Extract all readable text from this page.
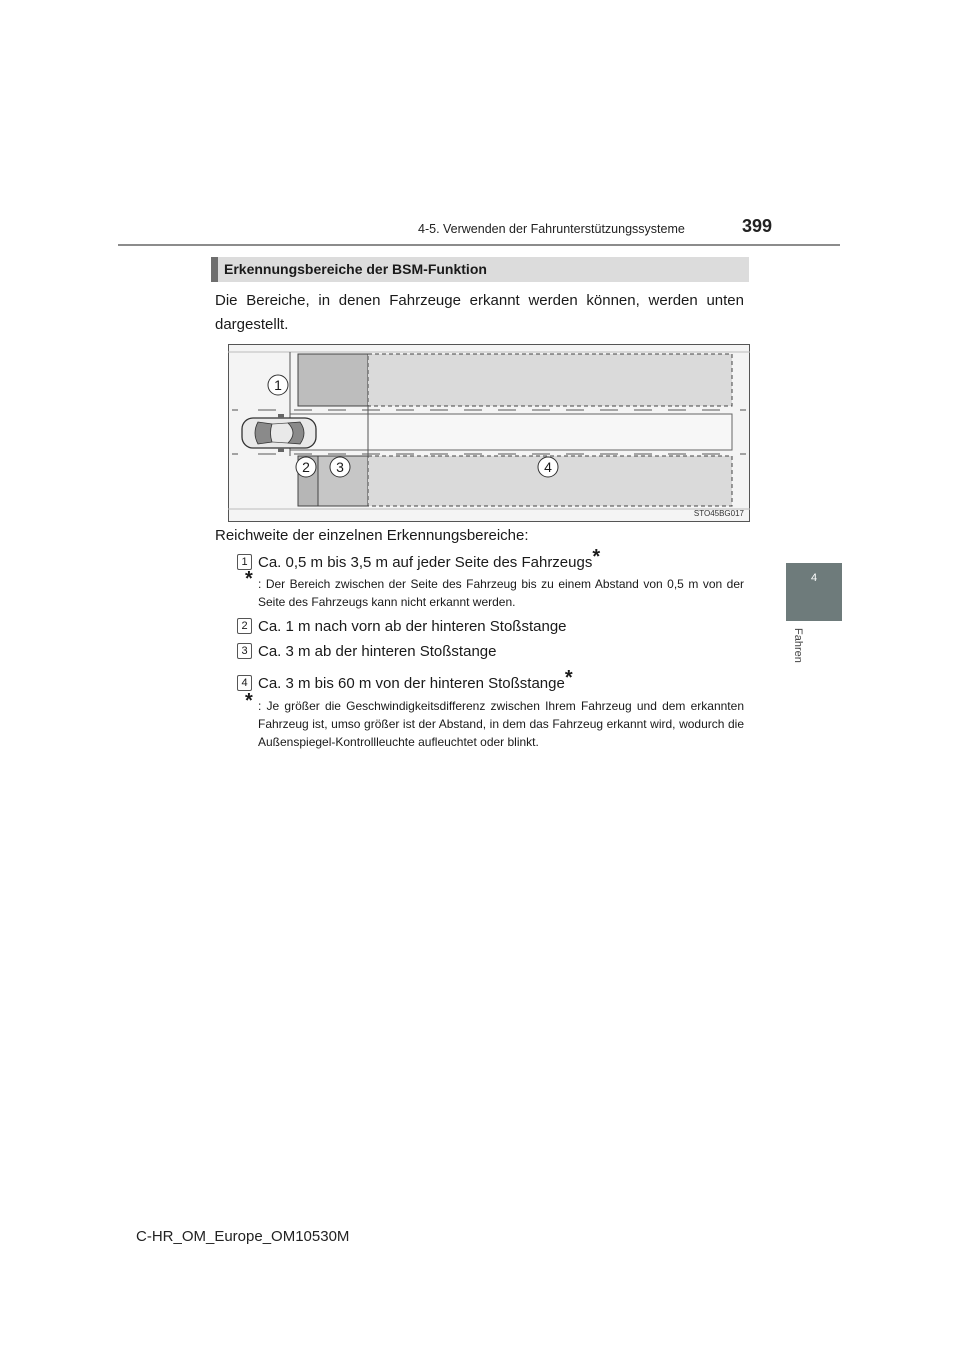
4-5. Verwenden der Fahrunterstützungssysteme	399
4
Fahren
Erkennungsbereiche der BSM-Funktion
Die Bereiche, in denen Fahrzeuge erkannt werden können, werden unten dargestellt.
1
2 3	4
STO45BG017
Reichweite der einzelnen Erkennungsbereiche:
1 Ca. 0,5 m bis 3,5 m auf jeder Seite des Fahrzeugs*
* : Der Bereich zwischen der Seite des Fahrzeug bis zu einem Abstand von 0,5 m von der Seite des Fahrzeugs kann nicht erkannt werden.
2 Ca. 1 m nach vorn ab der hinteren Stoßstange
3 Ca. 3 m ab der hinteren Stoßstange
4 Ca. 3 m bis 60 m von der hinteren Stoßstange*
* : Je größer die Geschwindigkeitsdifferenz zwischen Ihrem Fahrzeug und dem erkannten Fahrzeug ist, umso größer ist der Abstand, in dem das Fahrzeug erkannt wird, wodurch die Außenspiegel-Kontrollleuchte aufleuchtet oder blinkt.
C-HR_OM_Europe_OM10530M
